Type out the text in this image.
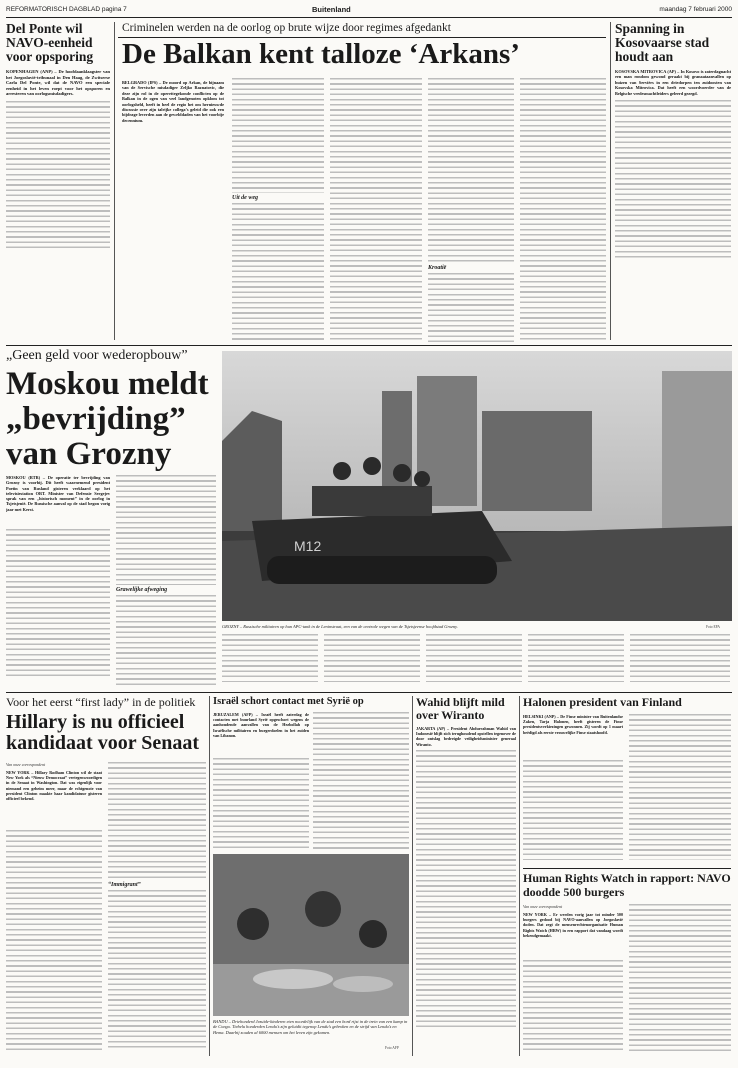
REFORMATORISCH DAGBLAD pagina 7	Buitenland	maandag 7 februari 2000
Del Ponte wil NAVO-eenheid voor opsporing
KOPENHAGEN (ANP) – De hoofdaanklaagster van het Joegoslavië-tribunaal in Den Haag, de Zwitserse Carla Del Ponte, wil dat de NAVO een speciale eenheid in het leven roept voor het opsporen en arresteren van oorlogsmisdadigers.
Criminelen werden na de oorlog op brute wijze door regimes afgedankt
De Balkan kent talloze ‘Arkans’
BELGRADO (IPS) – De moord op Arkan, de bijnaam van de Servische misdadiger Zeljko Raznatovic, die deze zijn rol in de operettegekonde conflicten op de Balkan in de ogen van veel landgenoten opklom tot oorlogsheld, heeft in heel de regio het om hernieuwde discussie over zijn talrijke collega’s geleid die ook een bijdrage leverden aan de gewelddaden van het voorbije decennium.
Uit de weg
Kroatië
Spanning in Kosovaarse stad houdt aan
KOSOVSKA MITROVICA (AP) – In Kosovo is zaterdagnacht een man rondom gewond geraakt bij granaataanvallen op huizen van Serviërs in een driedorpen ten zuidoosten van Kosovska Mitrovica. Dat heeft een woordvoerder van de Belgische vredesmachtleiders geleerd gezegd.
„Geen geld voor wederopbouw”
Moskou meldt
„bevrijding”
van Grozny
MOSKOU (RTR) – De operatie ter bevrijding van Grozny is voorbij. Dit heeft waarnemend president Poetin van Rusland gisteren verklaard op het televisiestation ORT. Minister van Defensie Sergejev sprak van een „historisch moment” in de oorlog in Tsjetsjenië. De Russische aanval op de stad begon vorig jaar met Kerst.
Grawelijke afweging
M12
GROZNY – Russische militairen op hun APC-tank in de Leninstraat, een van de centrale wegen van de Tsjetsjeense hoofdstad Grozny.	Foto EPA
Voor het eerst “first lady” in de politiek
Hillary is nu officieel kandidaat voor Senaat
Van onze correspondent
NEW YORK – Hillary Rodham Clinton wil de staat New York als “Nieuw Democraat” vertegenwoordigen in de Senaat in Washington. Dat was eigenlijk voor niemand een geheim meer, maar de echtgenote van president Clinton maakte haar kandidatuur gisteren officieel bekend.
“Immigrant”
Israël schort contact met Syrië op
JERUZALEM (AFP) – Israël heeft zaterdag de contacten met buurland Syrië opgeschort wegens de aanhoudende aanvallen van de Hezbollah op Israëlische militairen en burgerdoelen in het zuiden van Libanon.
BANDU – Driehonderd Jezuïde-kinderen eten noordelijk van de stad een bord rijst in de trein van een kamp in de Congo. Tiebelu honderden Lendu’s zijn geluidit tegenop Lendu’s gebroken en de strijd van Lendu’s en Hema. Daarbij zouden al 6000 mensen om het leven zijn gekomen.
Foto AFP
Wahid blijft mild over Wiranto
JAKARTA (AP) – President Abdurrahman Wahid van Indonesië blijft zich terughoudend opstellen tegenover de door ontslag bedreigde veiligheidsminister generaal Wiranto.
Halonen president van Finland
HELSINKI (ANP) – De Finse minister van Buitenlandse Zaken, Tarja Halonen, heeft gisteren de Finse presidentsverkiezingen gewonnen. Zij wordt op 1 maart beëdigd als eerste vrouwelijke Finse staatshoofd.
Human Rights Watch in rapport: NAVO doodde 500 burgers
Van onze correspondent
NEW YORK – Er werden vorig jaar tot minder 500 burgers gedood bij NAVO-aanvallen op Joegoslavië doden. Dat zegt de mensenrechtenorganisatie Human Rights Watch (HRW) in een rapport dat vandaag wordt bekendgemaakt.
